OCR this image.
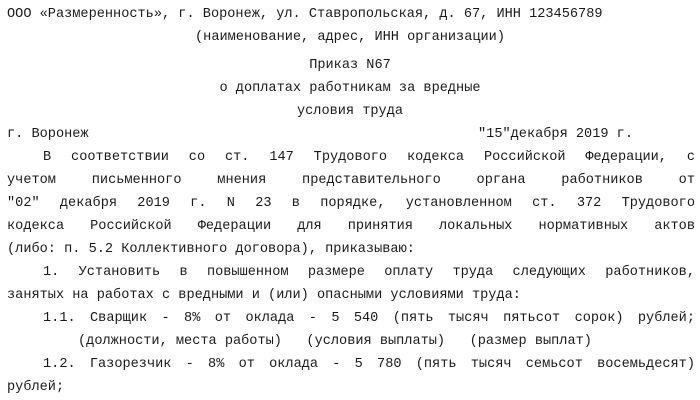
ООО «Размеренность», г. Воронеж, ул. Ставропольская, д. 67, ИНН 123456789
(наименование, адрес, ИНН организации)
Приказ N67
о доплатах работникам за вредные
условия труда
г. Воронеж	"15"декабря 2019 г.
В соответствии со ст. 147 Трудового кодекса Российской Федерации, с
учетом письменного мнения представительного органа работников от
"02" декабря 2019 г. N 23 в порядке, установленном ст. 372 Трудового
кодекса Российской Федерации для принятия локальных нормативных актов
(либо: п. 5.2 Коллективного договора), приказываю:
1. Установить в повышенном размере оплату труда следующих работников,
занятых на работах с вредными и (или) опасными условиями труда:
1.1. Сварщик - 8% от оклада - 5 540 (пять тысяч пятьсот сорок) рублей;
(должности, места работы)   (условия выплаты)   (размер выплат)
1.2. Газорезчик - 8% от оклада - 5 780 (пять тысяч семьсот восемьдесят)
рублей;
